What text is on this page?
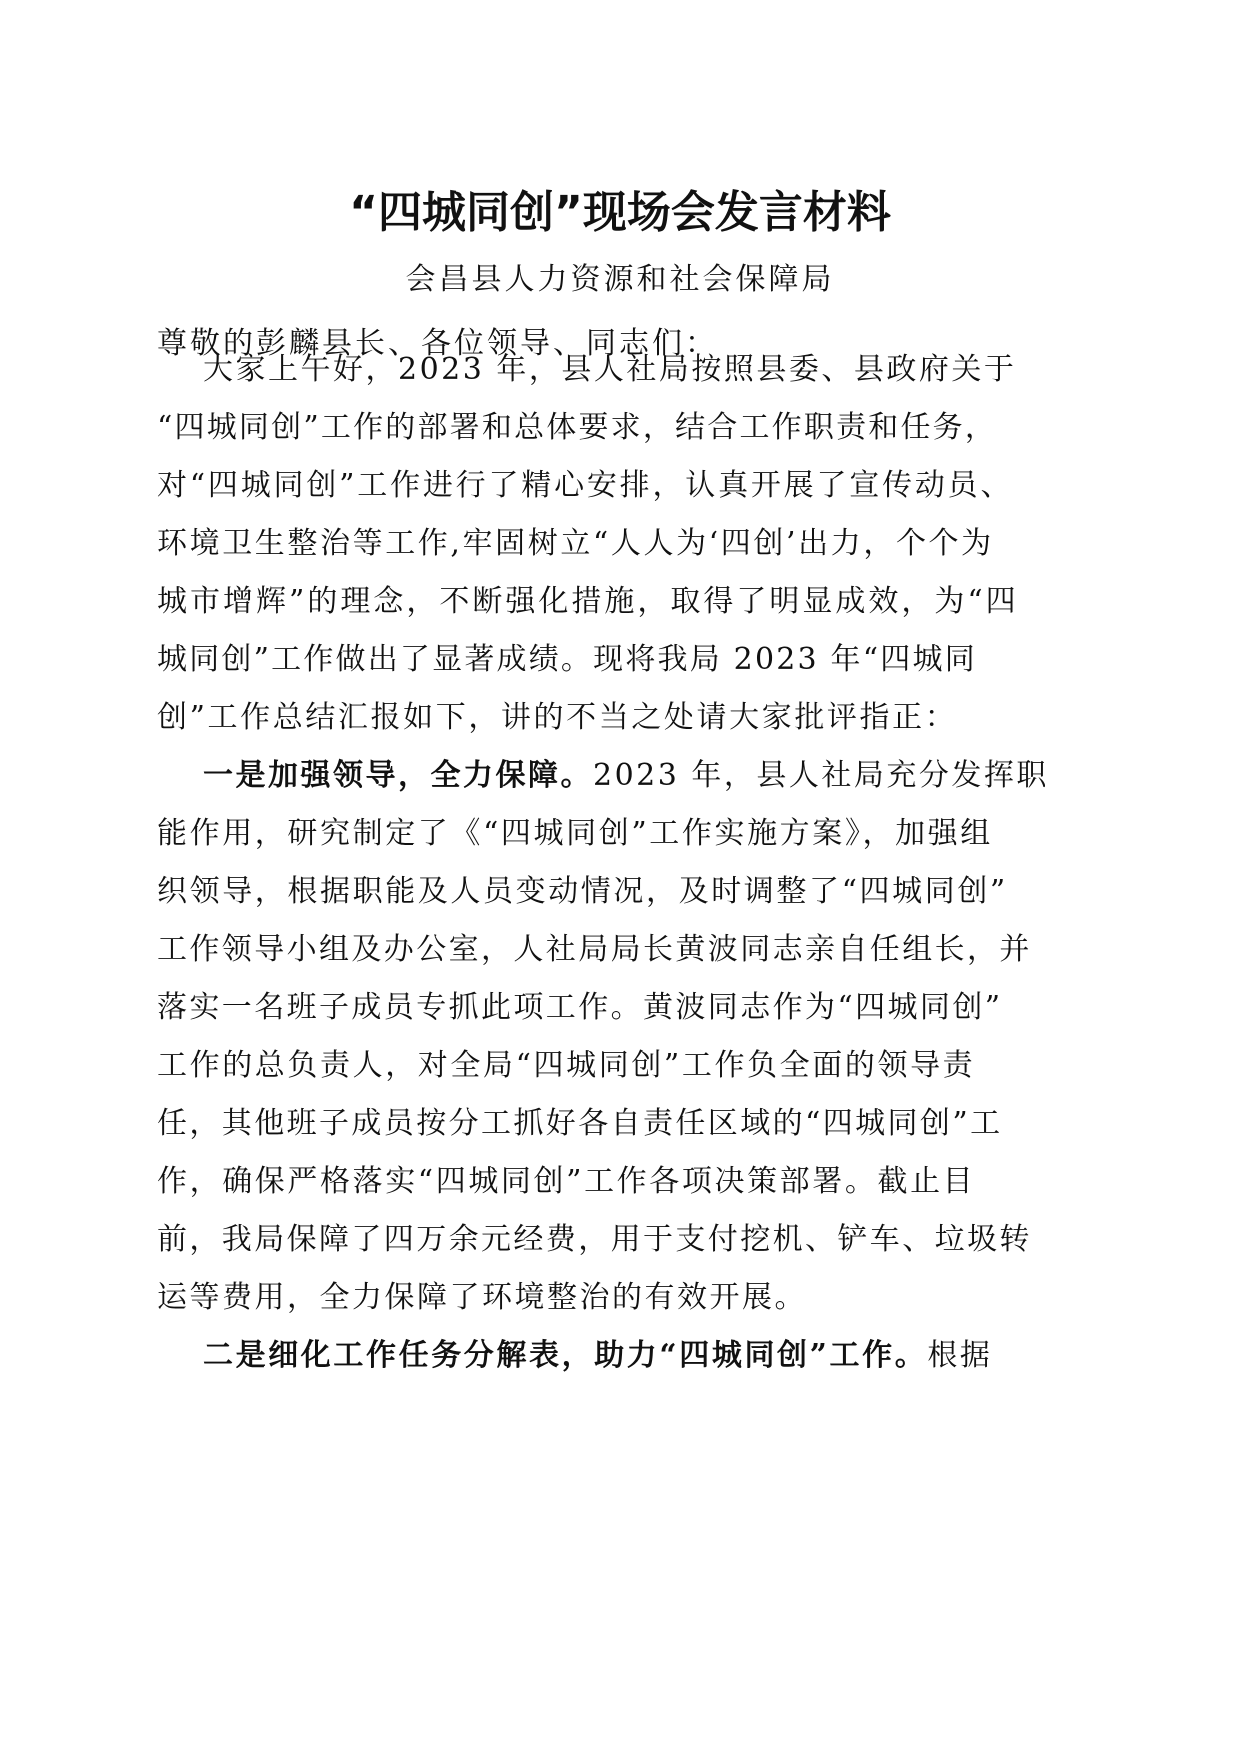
“四城同创”现场会发言材料
会昌县人力资源和社会保障局
尊敬的彭麟县长、各位领导、同志们：
大家上午好，2023 年，县人社局按照县委、县政府关于
“四城同创”工作的部署和总体要求，结合工作职责和任务，
对“四城同创”工作进行了精心安排，认真开展了宣传动员、
环境卫生整治等工作,牢固树立“人人为‘四创’出力，个个为
城市增辉”的理念，不断强化措施，取得了明显成效，为“四
城同创”工作做出了显著成绩。现将我局 2023 年“四城同
创”工作总结汇报如下，讲的不当之处请大家批评指正：
一是加强领导，全力保障。2023 年，县人社局充分发挥职
能作用，研究制定了《“四城同创”工作实施方案》，加强组
织领导，根据职能及人员变动情况，及时调整了“四城同创”
工作领导小组及办公室，人社局局长黄波同志亲自任组长，并
落实一名班子成员专抓此项工作。黄波同志作为“四城同创”
工作的总负责人，对全局“四城同创”工作负全面的领导责
任，其他班子成员按分工抓好各自责任区域的“四城同创”工
作，确保严格落实“四城同创”工作各项决策部署。截止目
前，我局保障了四万余元经费，用于支付挖机、铲车、垃圾转
运等费用，全力保障了环境整治的有效开展。
二是细化工作任务分解表，助力“四城同创”工作。根据
